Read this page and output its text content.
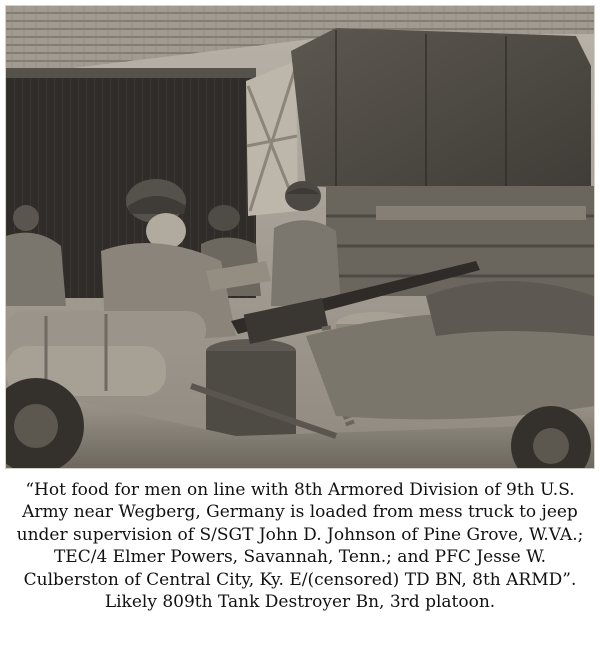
“Hot food for men on line with 8th Armored Division of 9th U.S. Army near Wegberg, Germany is loaded from mess truck to jeep under supervision of S/SGT John D. Johnson of Pine Grove, W.VA.; TEC/4 Elmer Powers, Savannah, Tenn.; and PFC Jesse W. Culberston of Central City, Ky. E/(censored) TD BN, 8th ARMD”. Likely 809th Tank Destroyer Bn, 3rd platoon.
